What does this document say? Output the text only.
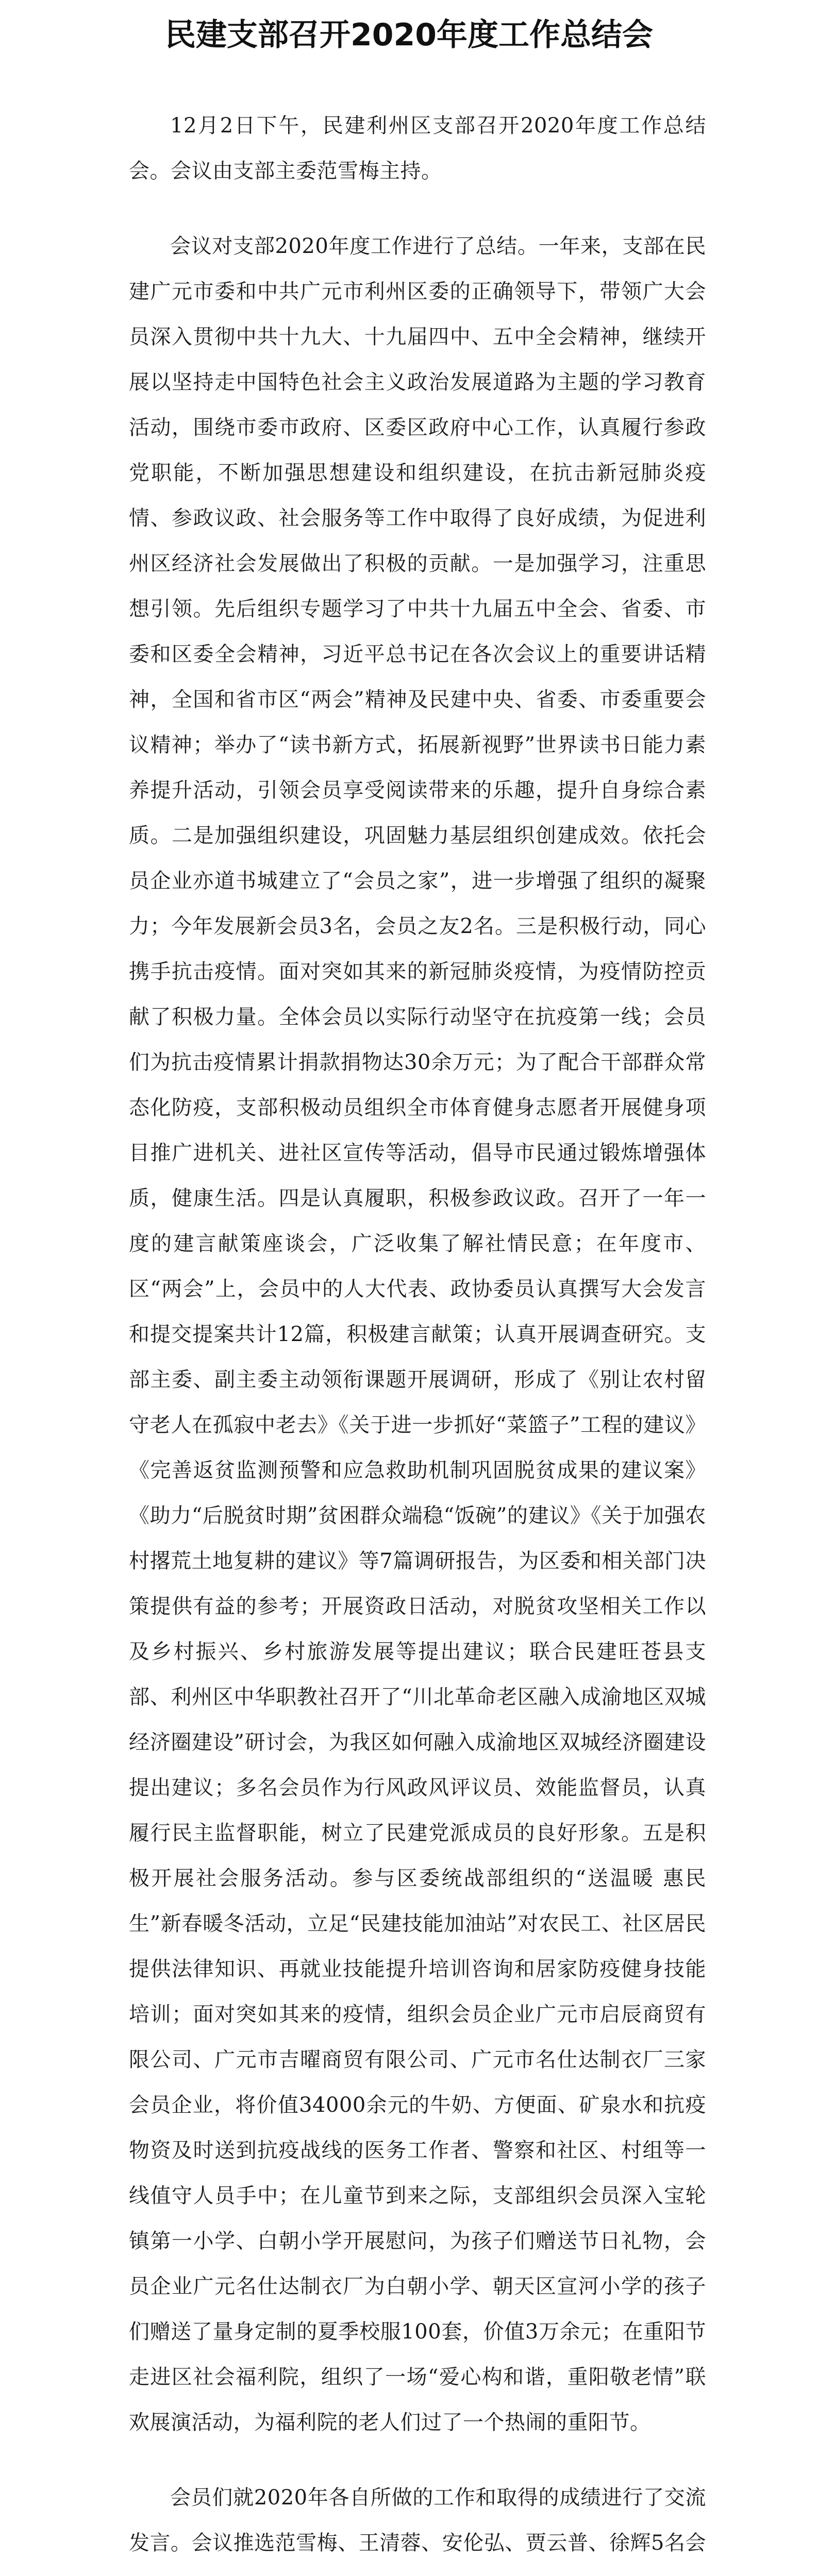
民建支部召开2020年度工作总结会

12月2日下午，民建利州区支部召开2020年度工作总结会。会议由支部主委范雪梅主持。

会议对支部2020年度工作进行了总结。一年来，支部在民建广元市委和中共广元市利州区委的正确领导下，带领广大会员深入贯彻中共十九大、十九届四中、五中全会精神，继续开展以坚持走中国特色社会主义政治发展道路为主题的学习教育活动，围绕市委市政府、区委区政府中心工作，认真履行参政党职能，不断加强思想建设和组织建设，在抗击新冠肺炎疫情、参政议政、社会服务等工作中取得了良好成绩，为促进利州区经济社会发展做出了积极的贡献。一是加强学习，注重思想引领。先后组织专题学习了中共十九届五中全会、省委、市委和区委全会精神，习近平总书记在各次会议上的重要讲话精神，全国和省市区“两会”精神及民建中央、省委、市委重要会议精神；举办了“读书新方式，拓展新视野”世界读书日能力素养提升活动，引领会员享受阅读带来的乐趣，提升自身综合素质。二是加强组织建设，巩固魅力基层组织创建成效。依托会员企业亦道书城建立了“会员之家”，进一步增强了组织的凝聚力；今年发展新会员3名，会员之友2名。三是积极行动，同心携手抗击疫情。面对突如其来的新冠肺炎疫情，为疫情防控贡献了积极力量。全体会员以实际行动坚守在抗疫第一线；会员们为抗击疫情累计捐款捐物达30余万元；为了配合干部群众常态化防疫，支部积极动员组织全市体育健身志愿者开展健身项目推广进机关、进社区宣传等活动，倡导市民通过锻炼增强体质，健康生活。四是认真履职，积极参政议政。召开了一年一度的建言献策座谈会，广泛收集了解社情民意；在年度市、区“两会”上，会员中的人大代表、政协委员认真撰写大会发言和提交提案共计12篇，积极建言献策；认真开展调查研究。支部主委、副主委主动领衔课题开展调研，形成了《别让农村留守老人在孤寂中老去》《关于进一步抓好“菜篮子”工程的建议》《完善返贫监测预警和应急救助机制巩固脱贫成果的建议案》《助力“后脱贫时期”贫困群众端稳“饭碗”的建议》《关于加强农村撂荒土地复耕的建议》等7篇调研报告，为区委和相关部门决策提供有益的参考；开展资政日活动，对脱贫攻坚相关工作以及乡村振兴、乡村旅游发展等提出建议；联合民建旺苍县支部、利州区中华职教社召开了“川北革命老区融入成渝地区双城经济圈建设”研讨会，为我区如何融入成渝地区双城经济圈建设提出建议；多名会员作为行风政风评议员、效能监督员，认真履行民主监督职能，树立了民建党派成员的良好形象。五是积极开展社会服务活动。参与区委统战部组织的“送温暖 惠民生”新春暖冬活动，立足“民建技能加油站”对农民工、社区居民提供法律知识、再就业技能提升培训咨询和居家防疫健身技能培训；面对突如其来的疫情，组织会员企业广元市启辰商贸有限公司、广元市吉曜商贸有限公司、广元市名仕达制衣厂三家会员企业，将价值34000余元的牛奶、方便面、矿泉水和抗疫物资及时送到抗疫战线的医务工作者、警察和社区、村组等一线值守人员手中；在儿童节到来之际，支部组织会员深入宝轮镇第一小学、白朝小学开展慰问，为孩子们赠送节日礼物，会员企业广元名仕达制衣厂为白朝小学、朝天区宣河小学的孩子们赠送了量身定制的夏季校服100套，价值3万余元；在重阳节走进区社会福利院，组织了一场“爱心构和谐，重阳敬老情”联欢展演活动，为福利院的老人们过了一个热闹的重阳节。

会员们就2020年各自所做的工作和取得的成绩进行了交流发言。会议推选范雪梅、王清蓉、安伦弘、贾云普、徐辉5名会
